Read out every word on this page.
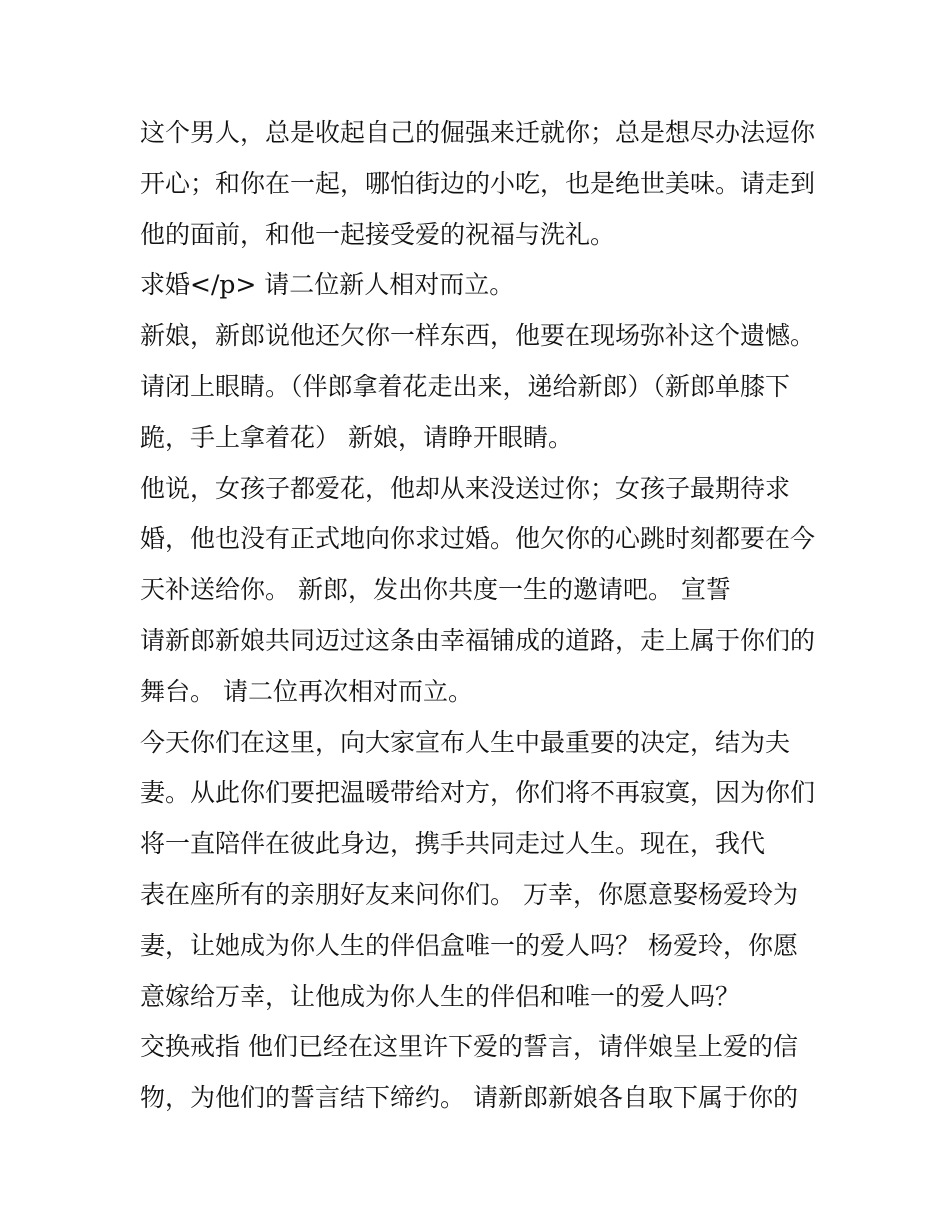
这个男人，总是收起自己的倔强来迁就你；总是想尽办法逗你
开心；和你在一起，哪怕街边的小吃，也是绝世美味。请走到
他的面前，和他一起接受爱的祝福与洗礼。
求婚</p> 请二位新人相对而立。
新娘，新郎说他还欠你一样东西，他要在现场弥补这个遗憾。
请闭上眼睛。（伴郎拿着花走出来，递给新郎）（新郎单膝下
跪，手上拿着花） 新娘，请睁开眼睛。
他说，女孩子都爱花，他却从来没送过你；女孩子最期待求
婚，他也没有正式地向你求过婚。他欠你的心跳时刻都要在今
天补送给你。 新郎，发出你共度一生的邀请吧。 宣誓
请新郎新娘共同迈过这条由幸福铺成的道路，走上属于你们的
舞台。 请二位再次相对而立。
今天你们在这里，向大家宣布人生中最重要的决定，结为夫
妻。从此你们要把温暖带给对方，你们将不再寂寞，因为你们
将一直陪伴在彼此身边，携手共同走过人生。现在，我代
表在座所有的亲朋好友来问你们。 万幸，你愿意娶杨爱玲为
妻，让她成为你人生的伴侣盒唯一的爱人吗？ 杨爱玲，你愿
意嫁给万幸，让他成为你人生的伴侣和唯一的爱人吗？
交换戒指 他们已经在这里许下爱的誓言，请伴娘呈上爱的信
物，为他们的誓言结下缔约。 请新郎新娘各自取下属于你的
